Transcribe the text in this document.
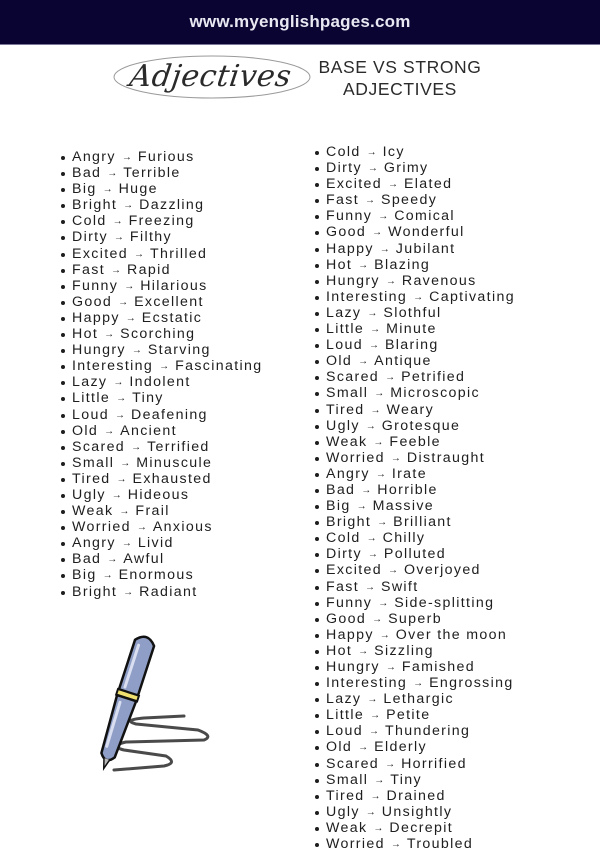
www.myenglishpages.com
Adjectives	BASE VS STRONG
ADJECTIVES
Angry → Furious
Bad → Terrible
Big → Huge
Bright → Dazzling
Cold → Freezing
Dirty → Filthy
Excited → Thrilled
Fast → Rapid
Funny → Hilarious
Good → Excellent
Happy → Ecstatic
Hot → Scorching
Hungry → Starving
Interesting → Fascinating
Lazy → Indolent
Little → Tiny
Loud → Deafening
Old → Ancient
Scared → Terrified
Small → Minuscule
Tired → Exhausted
Ugly → Hideous
Weak → Frail
Worried → Anxious
Angry → Livid
Bad → Awful
Big → Enormous
Bright → Radiant
Cold → Icy
Dirty → Grimy
Excited → Elated
Fast → Speedy
Funny → Comical
Good → Wonderful
Happy → Jubilant
Hot → Blazing
Hungry → Ravenous
Interesting → Captivating
Lazy → Slothful
Little → Minute
Loud → Blaring
Old → Antique
Scared → Petrified
Small → Microscopic
Tired → Weary
Ugly → Grotesque
Weak → Feeble
Worried → Distraught
Angry → Irate
Bad → Horrible
Big → Massive
Bright → Brilliant
Cold → Chilly
Dirty → Polluted
Excited → Overjoyed
Fast → Swift
Funny → Side-splitting
Good → Superb
Happy → Over the moon
Hot → Sizzling
Hungry → Famished
Interesting → Engrossing
Lazy → Lethargic
Little → Petite
Loud → Thundering
Old → Elderly
Scared → Horrified
Small → Tiny
Tired → Drained
Ugly → Unsightly
Weak → Decrepit
Worried → Troubled
